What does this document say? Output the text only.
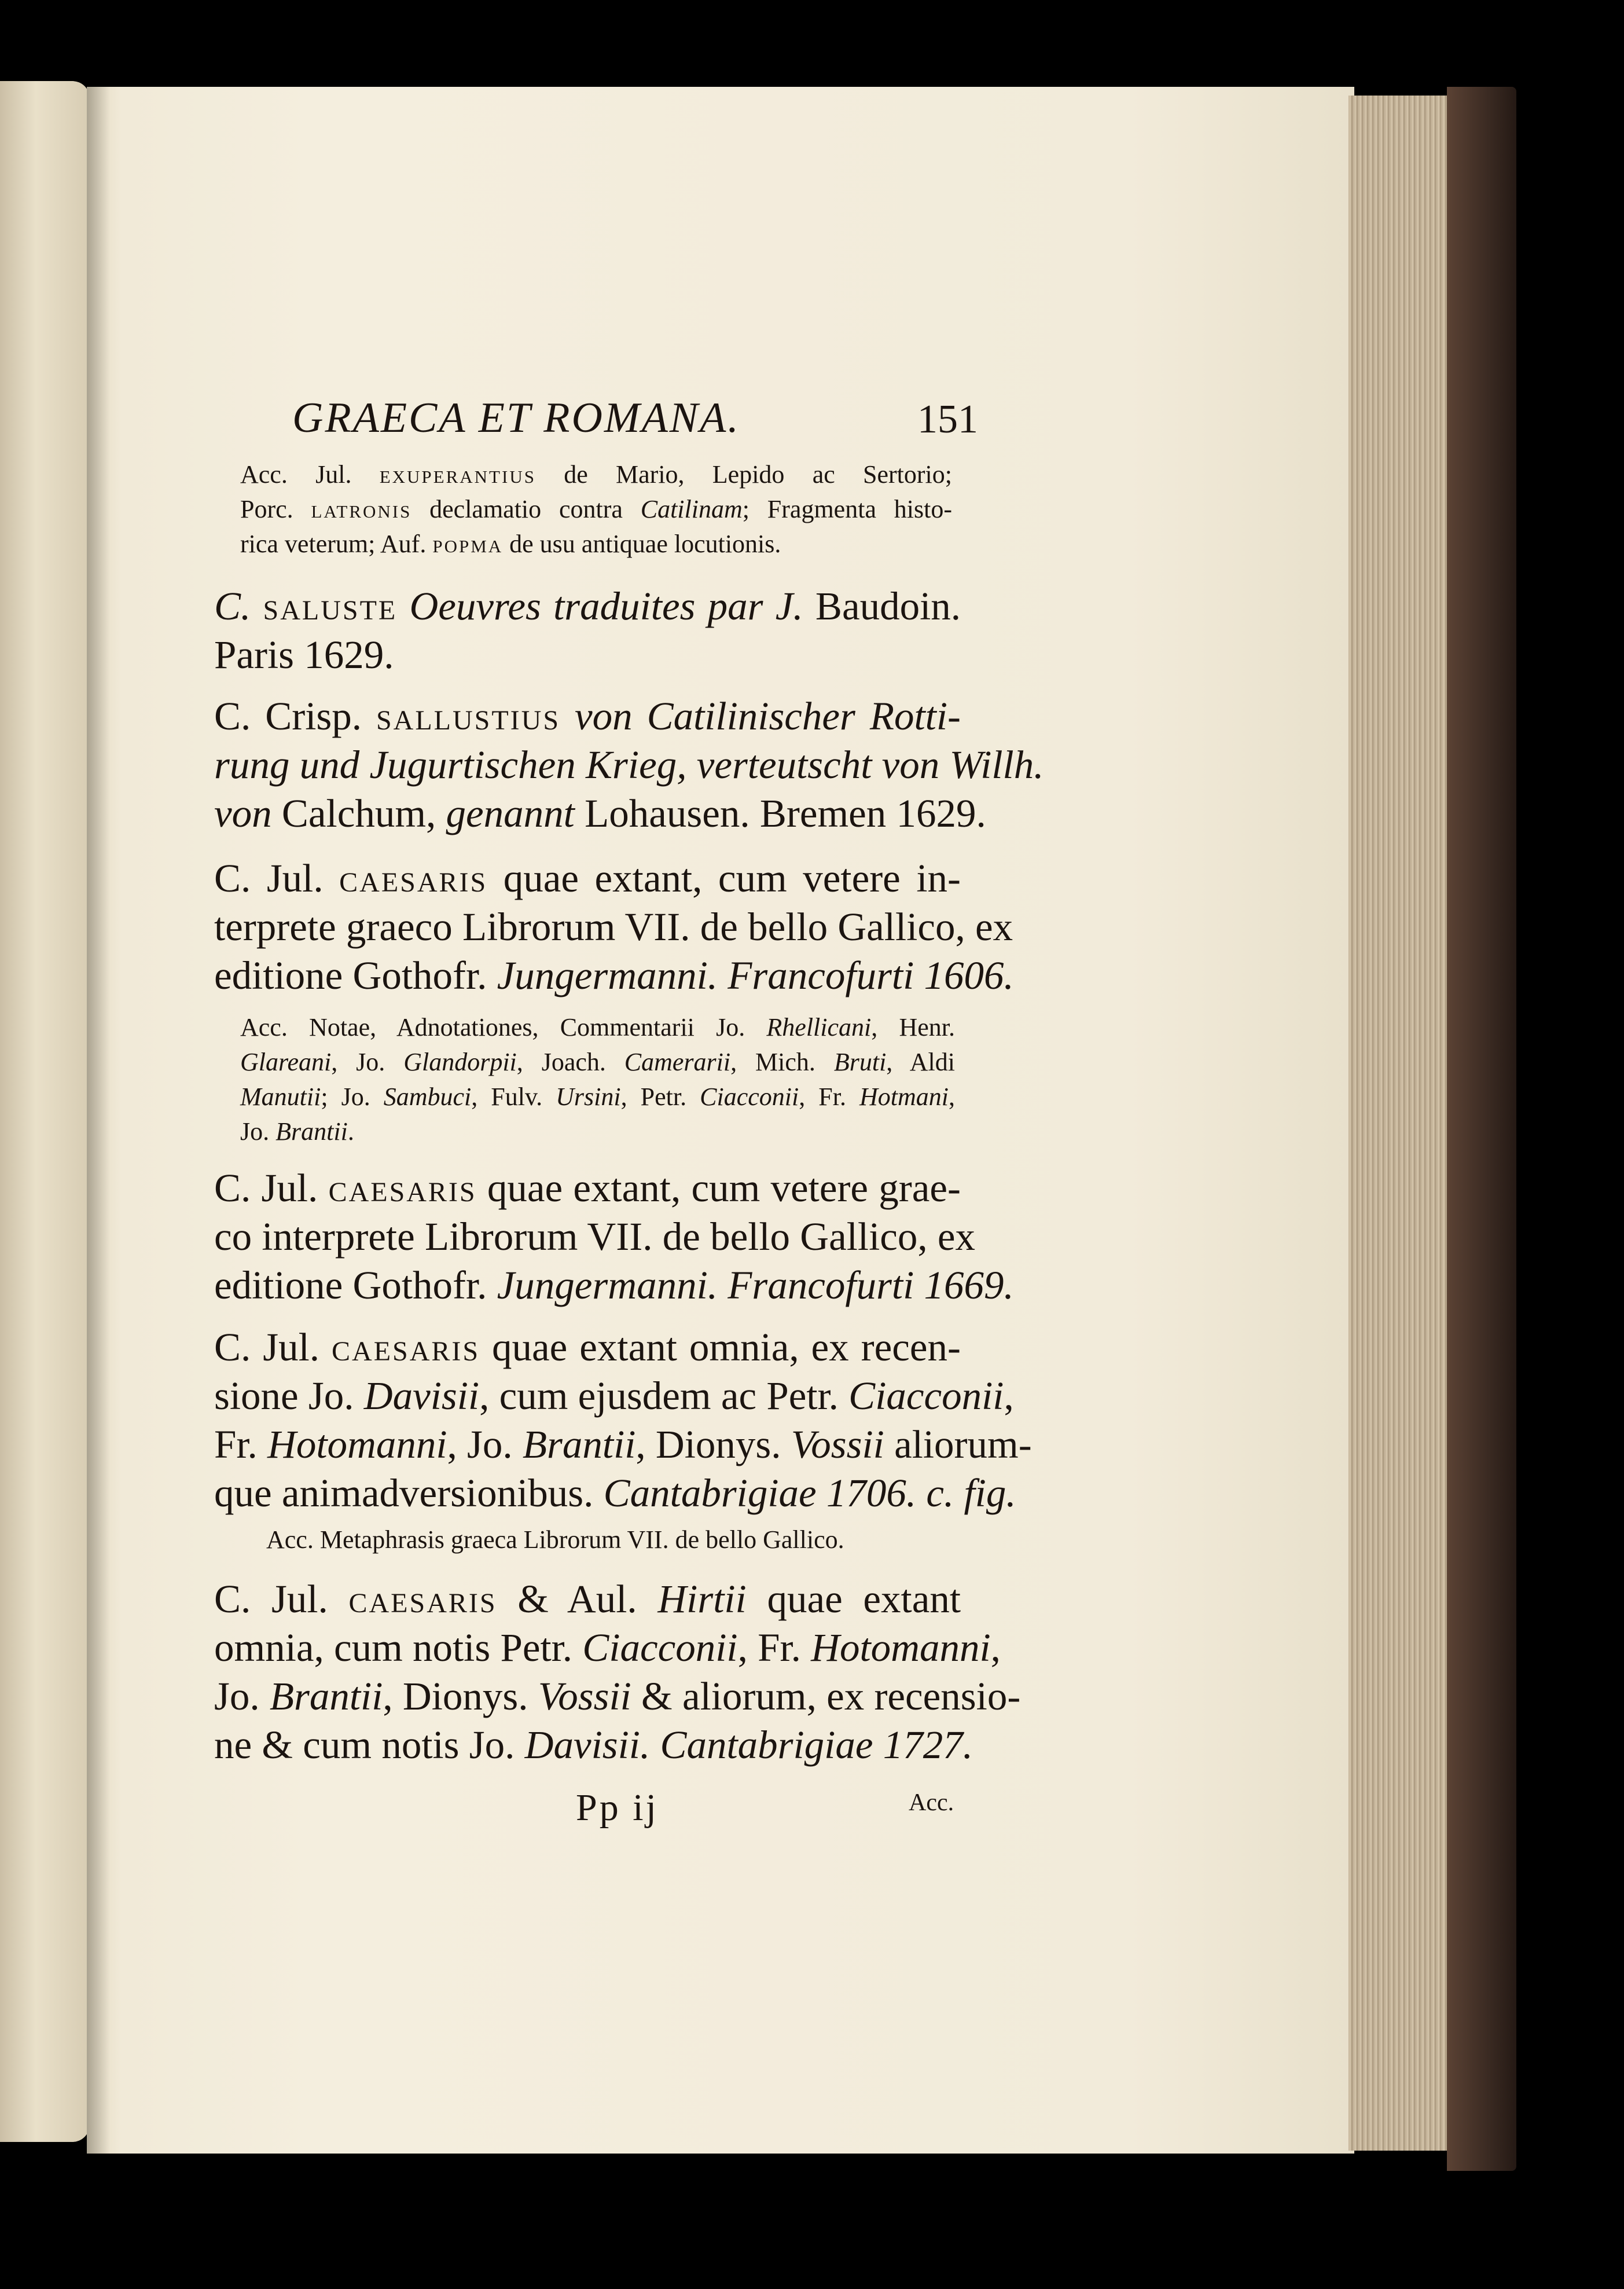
GRAECA ET ROMANA.	151
Acc. Jul. exuperantius de Mario, Lepido ac Sertorio;
Porc. latronis declamatio contra Catilinam; Fragmenta histo-
rica veterum; Auf. popma de usu antiquae locutionis.
C. saluste Oeuvres traduites par J. Baudoin.
Paris 1629.
C. Crisp. sallustius von Catilinischer Rotti-
rung und Jugurtischen Krieg, verteutscht von Willh.
von Calchum, genannt Lohausen. Bremen 1629.
C. Jul. caesaris quae extant, cum vetere in-
terprete graeco Librorum VII. de bello Gallico, ex
editione Gothofr. Jungermanni. Francofurti 1606.
Acc. Notae, Adnotationes, Commentarii Jo. Rhellicani, Henr.
Glareani, Jo. Glandorpii, Joach. Camerarii, Mich. Bruti, Aldi
Manutii; Jo. Sambuci, Fulv. Ursini, Petr. Ciacconii, Fr. Hotmani,
Jo. Brantii.
C. Jul. caesaris quae extant, cum vetere grae-
co interprete Librorum VII. de bello Gallico, ex
editione Gothofr. Jungermanni. Francofurti 1669.
C. Jul. caesaris quae extant omnia, ex recen-
sione Jo. Davisii, cum ejusdem ac Petr. Ciacconii,
Fr. Hotomanni, Jo. Brantii, Dionys. Vossii aliorum-
que animadversionibus. Cantabrigiae 1706. c. fig.
Acc. Metaphrasis graeca Librorum VII. de bello Gallico.
C. Jul. caesaris & Aul. Hirtii quae extant
omnia, cum notis Petr. Ciacconii, Fr. Hotomanni,
Jo. Brantii, Dionys. Vossii & aliorum, ex recensio-
ne & cum notis Jo. Davisii. Cantabrigiae 1727.
Pp ij	Acc.
